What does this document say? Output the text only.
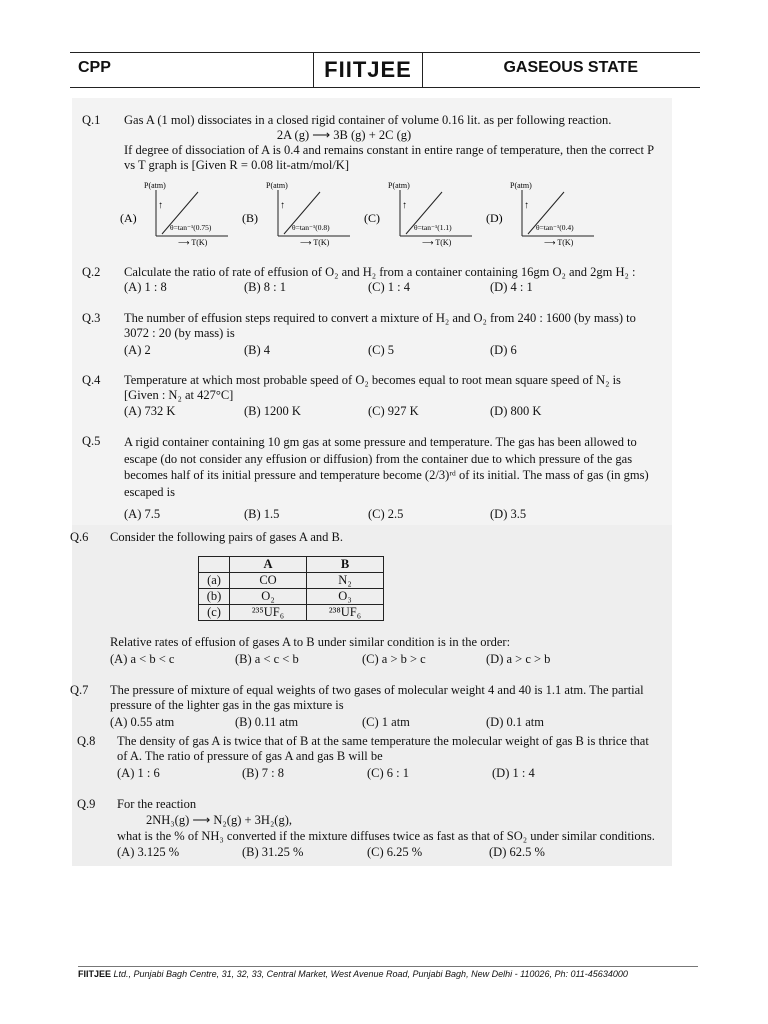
CPP	FIITJEE	GASEOUS STATE
Q.1 Gas A (1 mol) dissociates in a closed rigid container of volume 0.16 lit. as per following reaction.
2A (g) ⟶ 3B (g) + 2C (g)
If degree of dissociation of A is 0.4 and remains constant in entire range of temperature, then the correct P vs T graph is [Given R = 0.08 lit-atm/mol/K]
(A)
P(atm)
↑
θ=tan⁻¹(0.75)
⟶ T(K)
(B)
P(atm)
↑
θ=tan⁻¹(0.8)
⟶ T(K)
(C)
P(atm)
↑
θ=tan⁻¹(1.1)
⟶ T(K)
(D)
P(atm)
↑
θ=tan⁻¹(0.4)
⟶ T(K)
Q.2 Calculate the ratio of rate of effusion of O₂ and H₂ from a container containing 16gm O₂ and 2gm H₂ :
(A) 1 : 8	(B) 8 : 1	(C) 1 : 4	(D) 4 : 1
Q.3 The number of effusion steps required to convert a mixture of H₂ and O₂ from 240 : 1600 (by mass) to 3072 : 20 (by mass) is
(A) 2	(B) 4	(C) 5	(D) 6
Q.4 Temperature at which most probable speed of O₂ becomes equal to root mean square speed of N₂ is [Given : N₂ at 427°C]
(A) 732 K	(B) 1200 K	(C) 927 K	(D) 800 K
Q.5 A rigid container containing 10 gm gas at some pressure and temperature. The gas has been allowed to escape (do not consider any effusion or diffusion) from the container due to which pressure of the gas becomes half of its initial pressure and temperature become (2/3)ʳᵈ of its initial. The mass of gas (in gms) escaped is
(A) 7.5	(B) 1.5	(C) 2.5	(D) 3.5
Q.6 Consider the following pairs of gases A and B.
	A	B
(a)	CO	N₂
(b)	O₂	O₃
(c)	²³⁵UF₆	²³⁸UF₆
Relative rates of effusion of gases A to B under similar condition is in the order:
(A) a < b < c	(B) a < c < b	(C) a > b > c	(D) a > c > b
Q.7 The pressure of mixture of equal weights of two gases of molecular weight 4 and 40 is 1.1 atm. The partial pressure of the lighter gas in the gas mixture is
(A) 0.55 atm	(B) 0.11 atm	(C) 1 atm	(D) 0.1 atm
Q.8 The density of gas A is twice that of B at the same temperature the molecular weight of gas B is thrice that of A. The ratio of pressure of gas A and gas B will be
(A) 1 : 6	(B) 7 : 8	(C) 6 : 1	(D) 1 : 4
Q.9 For the reaction
2NH₃(g) ⟶ N₂(g) + 3H₂(g),
what is the % of NH₃ converted if the mixture diffuses twice as fast as that of SO₂ under similar conditions.
(A) 3.125 %	(B) 31.25 %	(C) 6.25 %	(D) 62.5 %
FIITJEE Ltd., Punjabi Bagh Centre, 31, 32, 33, Central Market, West Avenue Road, Punjabi Bagh, New Delhi - 110026, Ph: 011-45634000
